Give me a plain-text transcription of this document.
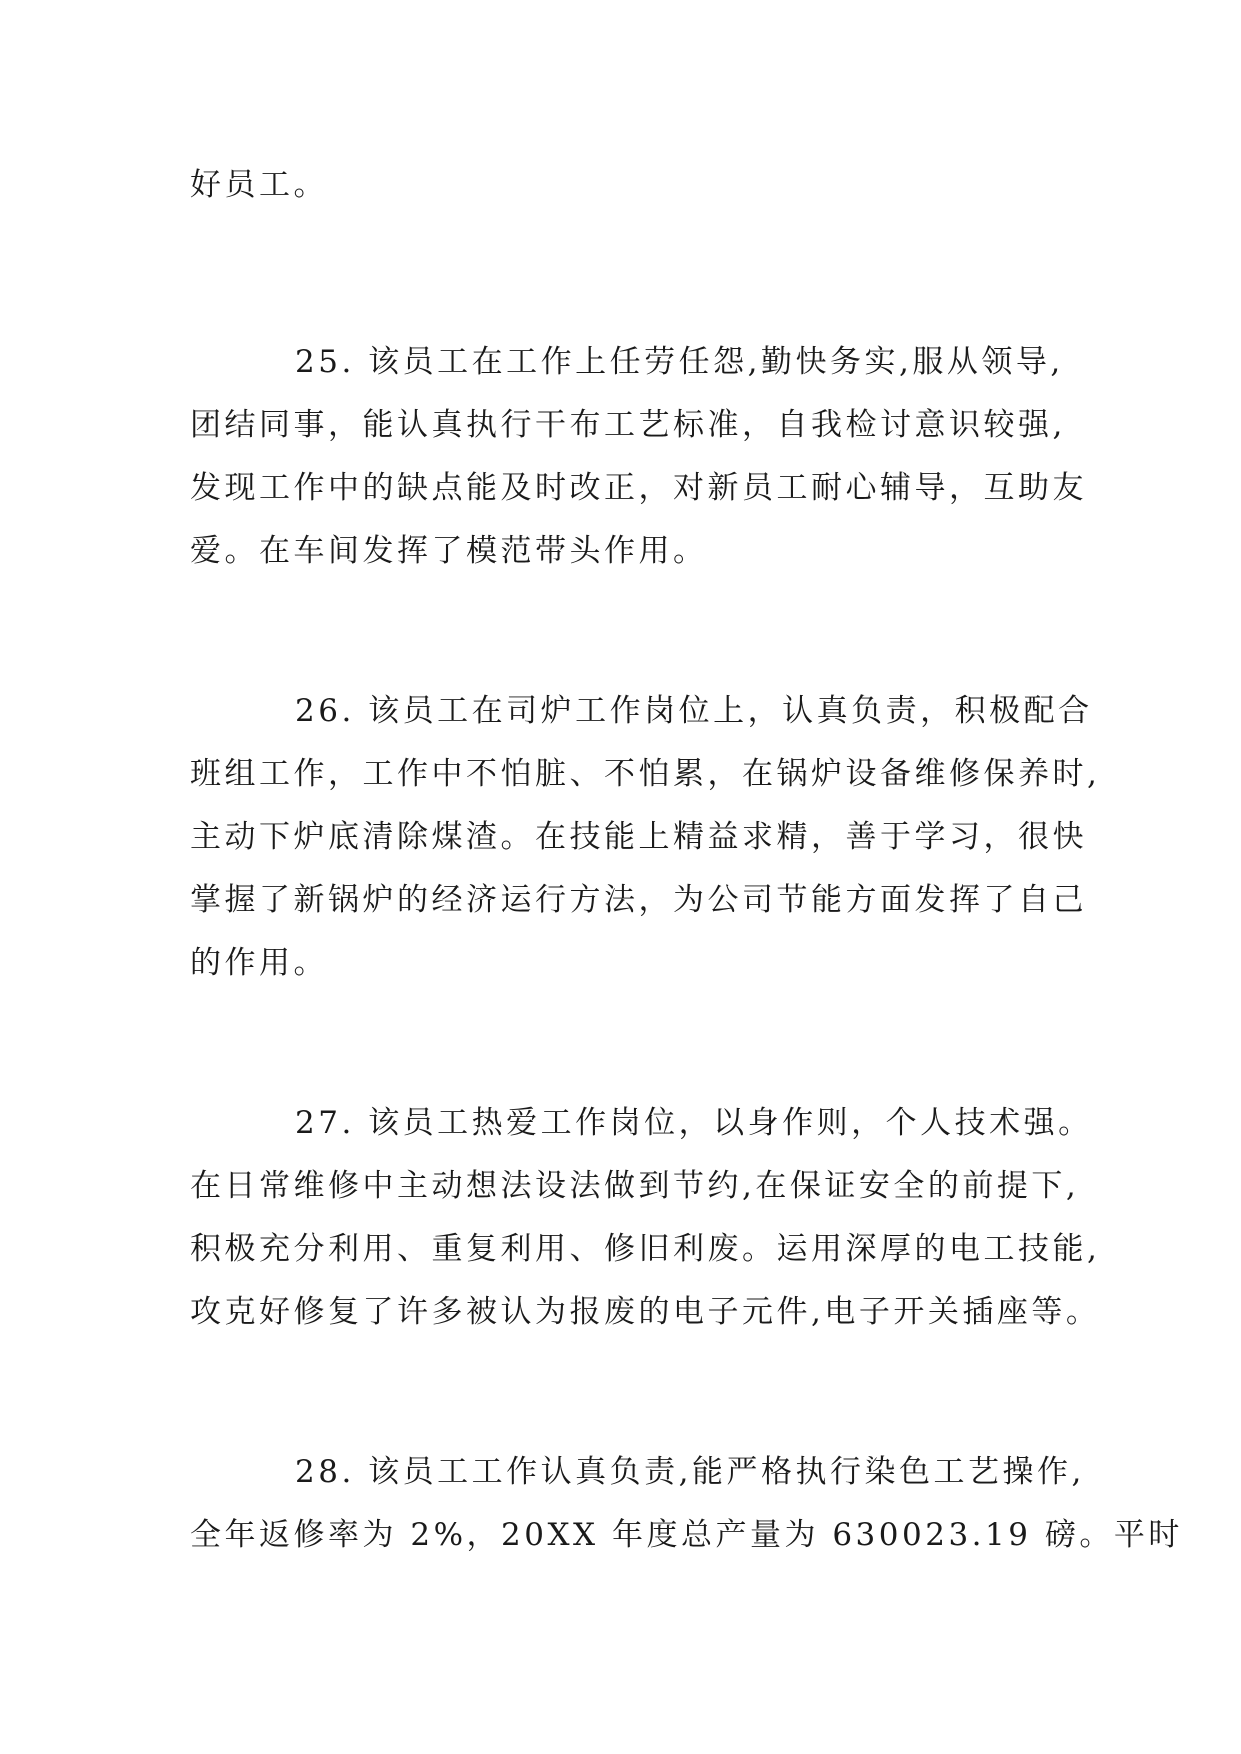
好员工。

25. 该员工在工作上任劳任怨,勤快务实,服从领导,

团结同事，能认真执行干布工艺标准，自我检讨意识较强,

发现工作中的缺点能及时改正，对新员工耐心辅导，互助友

爱。在车间发挥了模范带头作用。

26. 该员工在司炉工作岗位上，认真负责，积极配合

班组工作，工作中不怕脏、不怕累，在锅炉设备维修保养时,

主动下炉底清除煤渣。在技能上精益求精，善于学习，很快

掌握了新锅炉的经济运行方法，为公司节能方面发挥了自己

的作用。

27. 该员工热爱工作岗位，以身作则，个人技术强。

在日常维修中主动想法设法做到节约,在保证安全的前提下,

积极充分利用、重复利用、修旧利废。运用深厚的电工技能,

攻克好修复了许多被认为报废的电子元件,电子开关插座等。

28. 该员工工作认真负责,能严格执行染色工艺操作,

全年返修率为 2%，20XX 年度总产量为 630023.19 磅。平时
